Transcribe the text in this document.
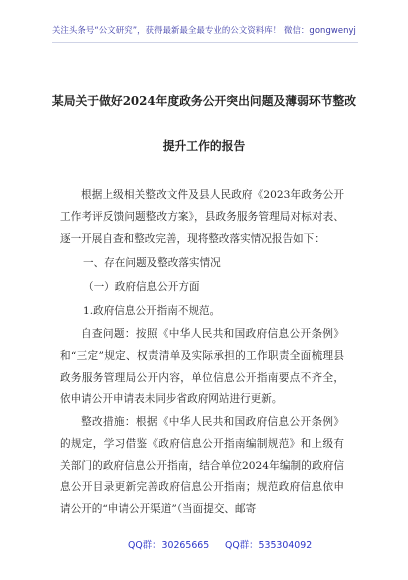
关注头条号“公文研究”，获得最新最全最专业的公文资料库！ 微信：gongwenyj
某局关于做好2024年度政务公开突出问题及薄弱环节整改
提升工作的报告
根据上级相关整改文件及县人民政府《2023年政务公开工作考评反馈问题整改方案》，县政务服务管理局对标对表、逐一开展自查和整改完善，现将整改落实情况报告如下：
一、存在问题及整改落实情况
（一）政府信息公开方面
1.政府信息公开指南不规范。
自查问题：按照《中华人民共和国政府信息公开条例》和“三定”规定、权责清单及实际承担的工作职责全面梳理县政务服务管理局公开内容，单位信息公开指南要点不齐全，依申请公开申请表未同步省政府网站进行更新。
整改措施：根据《中华人民共和国政府信息公开条例》的规定，学习借鉴《政府信息公开指南编制规范》和上级有关部门的政府信息公开指南，结合单位2024年编制的政府信息公开目录更新完善政府信息公开指南；规范政府信息依申请公开的“申请公开渠道”（当面提交、邮寄
QQ群：30265665 QQ群：535304092
